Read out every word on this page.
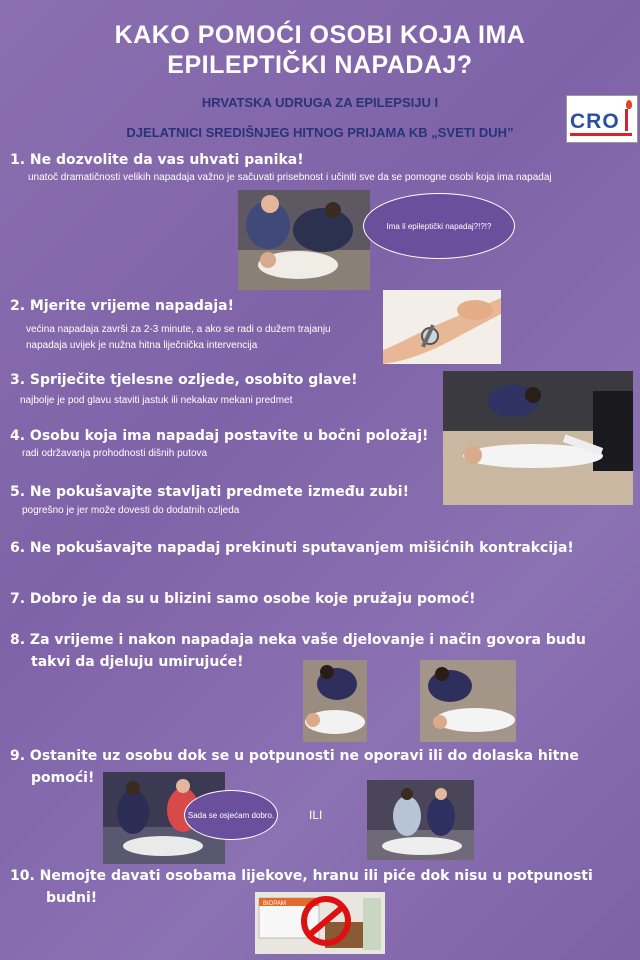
KAKO POMOĆI OSOBI KOJA IMA
EPILEPTIČKI NAPADAJ?
HRVATSKA UDRUGA ZA EPILEPSIJU I
DJELATNICI SREDIŠNJEG HITNOG PRIJAMA KB „SVETI DUH”	CRO
1. Ne dozvolite da vas uhvati panika!
unatoč dramatičnosti velikih napadaja važno je sačuvati prisebnost i učiniti sve da se pomogne osobi koja ima napadaj
Ima li epileptički napadaj?!?!?
2. Mjerite vrijeme napadaja!
većina napadaja završi za 2-3 minute, a ako se radi o dužem trajanju
napadaja uvijek je nužna hitna liječnička intervencija
3. Spriječite tjelesne ozljede, osobito glave!
najbolje je pod glavu staviti jastuk ili nekakav mekani predmet
4. Osobu koja ima napadaj postavite u bočni položaj!
radi održavanja prohodnosti dišnih putova
5. Ne pokušavajte stavljati predmete između zubi!
pogrešno je jer može dovesti do dodatnih ozljeda
6. Ne pokušavajte napadaj prekinuti sputavanjem mišićnih kontrakcija!
7. Dobro je da su u blizini samo osobe koje pružaju pomoć!
8. Za vrijeme i nakon napadaja neka vaše djelovanje i način govora budu
takvi da djeluju umirujuće!
9. Ostanite uz osobu dok se u potpunosti ne oporavi ili do dolaska hitne
pomoći!
Sada se osjećam dobro.	ILI
10. Nemojte davati osobama lijekove, hranu ili piće dok nisu u potpunosti
budni!	BIOPAM
